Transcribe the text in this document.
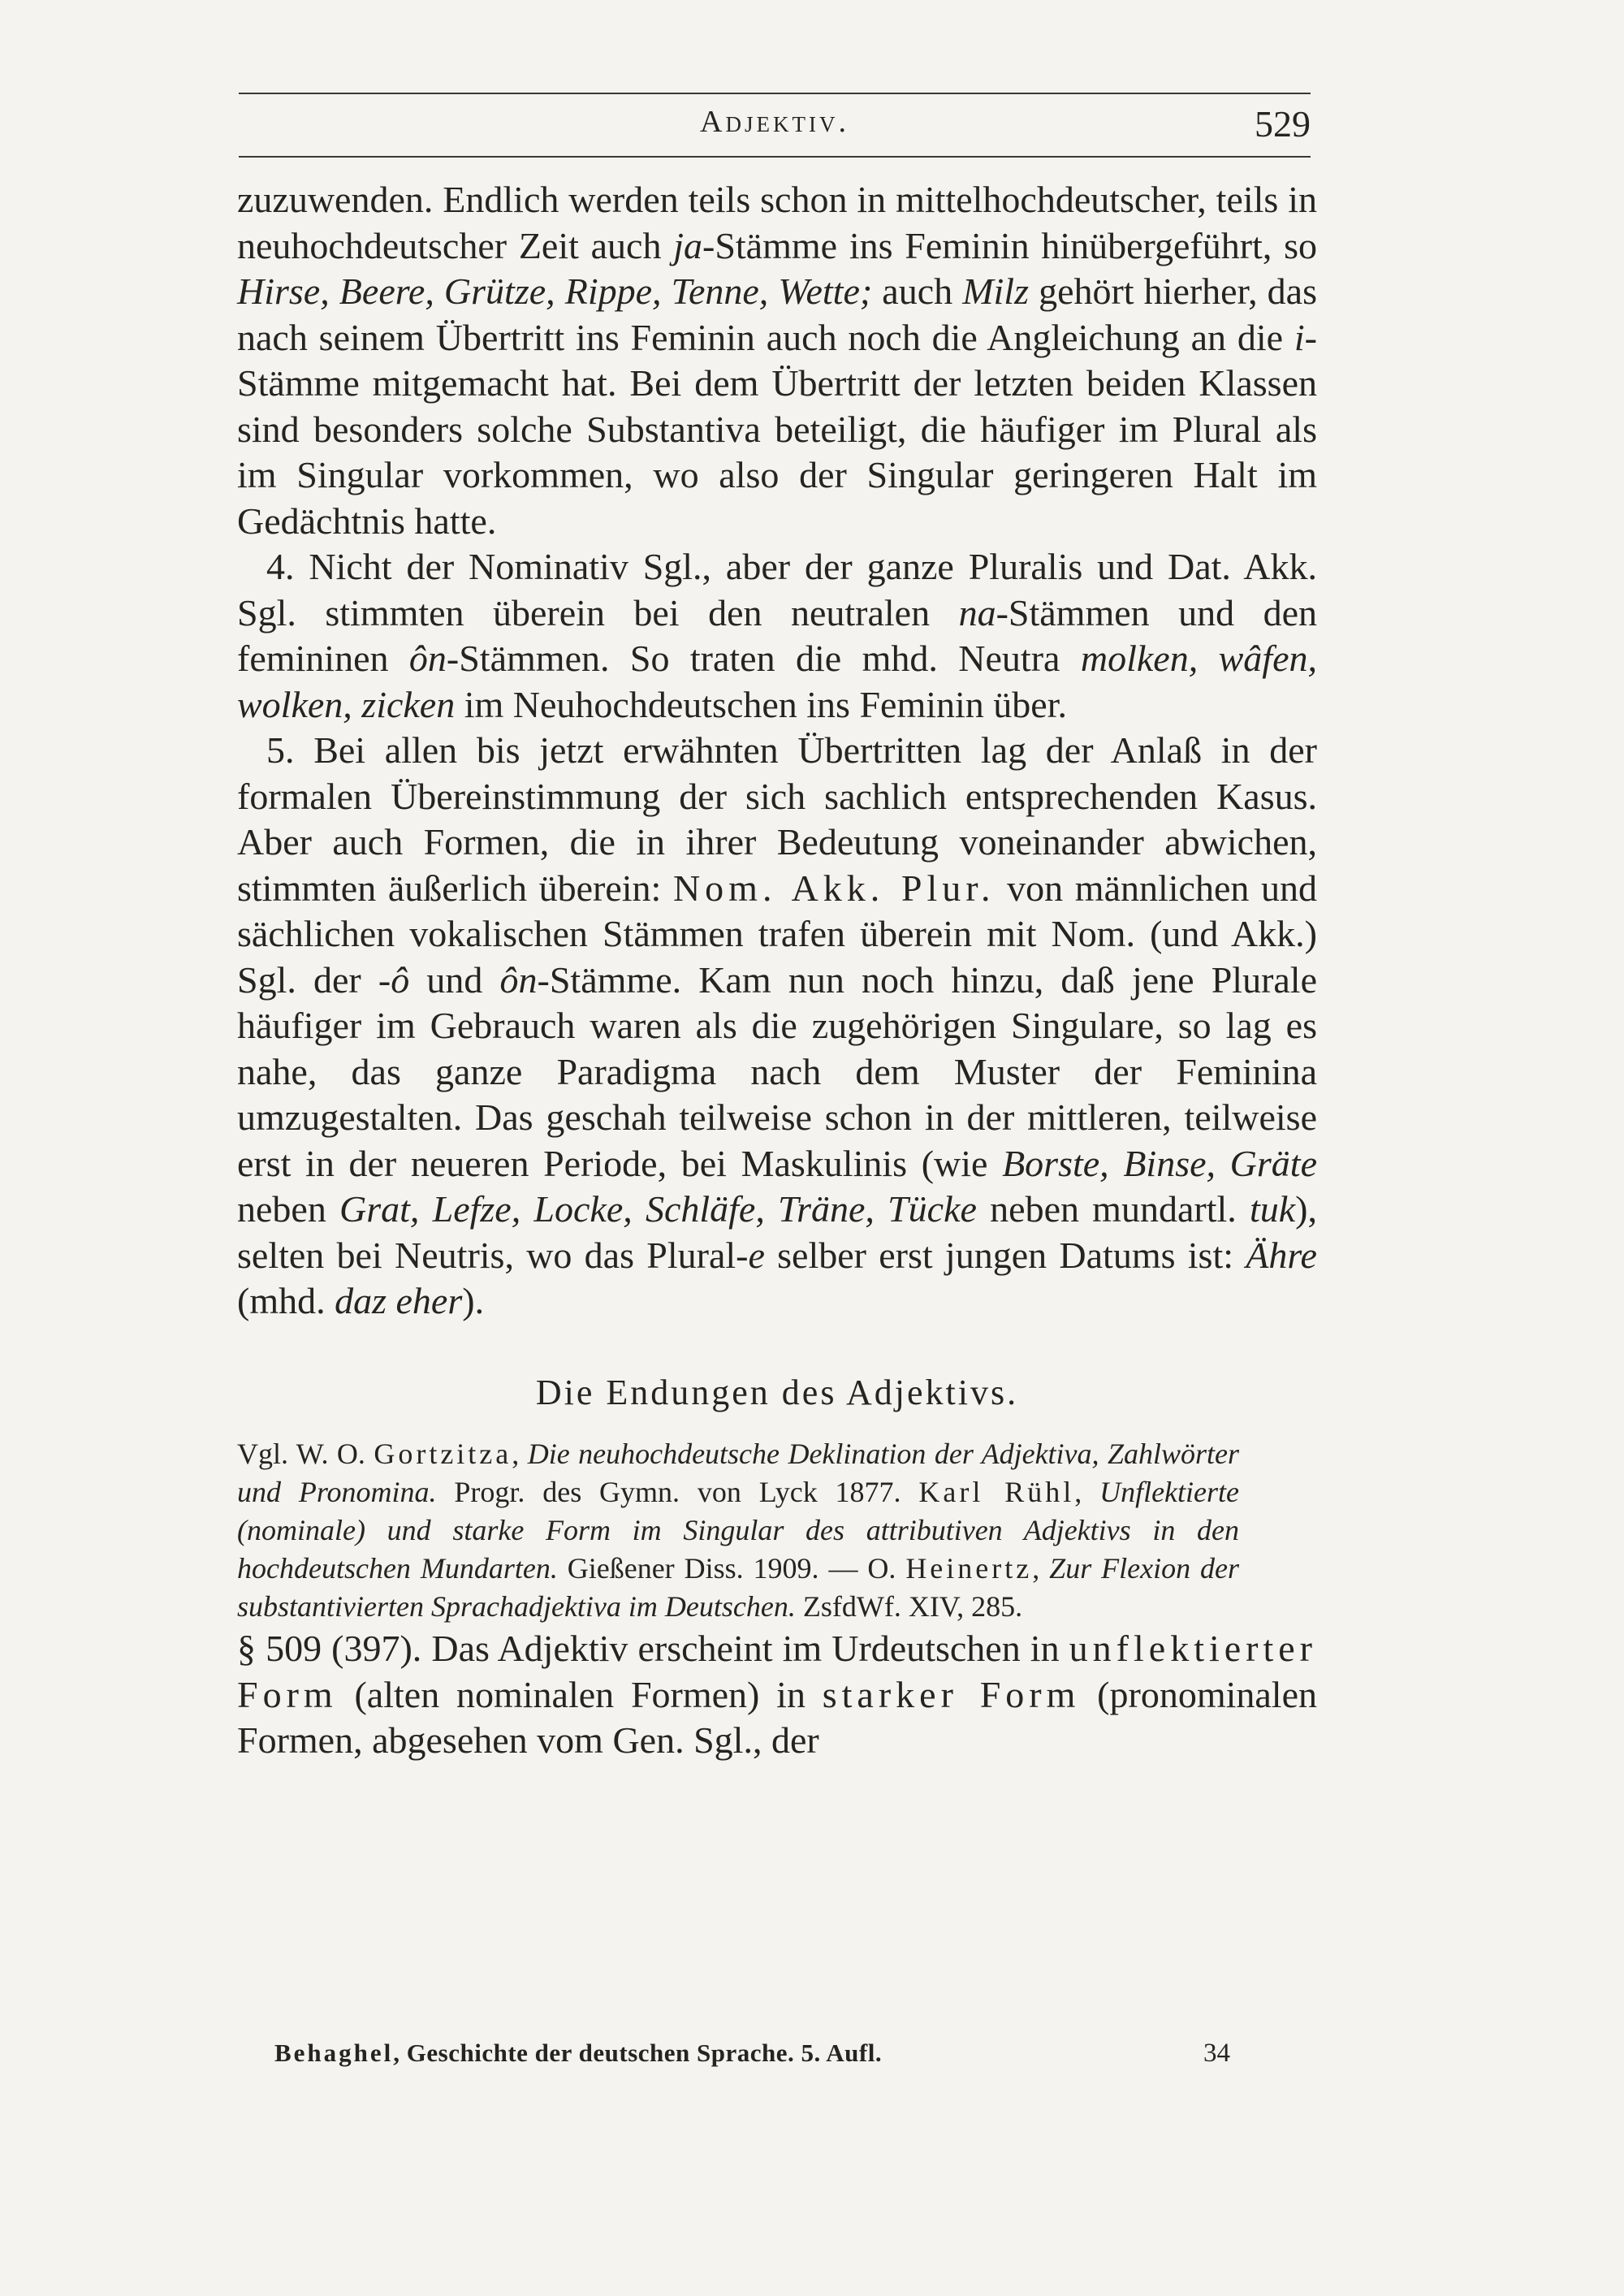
Adjektiv.	529

zuzuwenden. Endlich werden teils schon in mittelhochdeutscher, teils in neuhochdeutscher Zeit auch ja-Stämme ins Feminin hinübergeführt, so Hirse, Beere, Grütze, Rippe, Tenne, Wette; auch Milz gehört hierher, das nach seinem Übertritt ins Feminin auch noch die Angleichung an die i-Stämme mitgemacht hat. Bei dem Übertritt der letzten beiden Klassen sind besonders solche Substantiva beteiligt, die häufiger im Plural als im Singular vorkommen, wo also der Singular geringeren Halt im Gedächtnis hatte.

4. Nicht der Nominativ Sgl., aber der ganze Pluralis und Dat. Akk. Sgl. stimmten überein bei den neutralen na-Stämmen und den femininen ôn-Stämmen. So traten die mhd. Neutra molken, wâfen, wolken, zicken im Neuhochdeutschen ins Feminin über.

5. Bei allen bis jetzt erwähnten Übertritten lag der Anlaß in der formalen Übereinstimmung der sich sachlich entsprechenden Kasus. Aber auch Formen, die in ihrer Bedeutung voneinander abwichen, stimmten äußerlich überein: Nom. Akk. Plur. von männlichen und sächlichen vokalischen Stämmen trafen überein mit Nom. (und Akk.) Sgl. der -ô und ôn-Stämme. Kam nun noch hinzu, daß jene Plurale häufiger im Gebrauch waren als die zugehörigen Singulare, so lag es nahe, das ganze Paradigma nach dem Muster der Feminina umzugestalten. Das geschah teilweise schon in der mittleren, teilweise erst in der neueren Periode, bei Maskulinis (wie Borste, Binse, Gräte neben Grat, Lefze, Locke, Schläfe, Träne, Tücke neben mundartl. tuk), selten bei Neutris, wo das Plural-e selber erst jungen Datums ist: Ähre (mhd. daz eher).

Die Endungen des Adjektivs.

Vgl. W. O. Gortzitza, Die neuhochdeutsche Deklination der Adjektiva, Zahlwörter und Pronomina. Progr. des Gymn. von Lyck 1877. Karl Rühl, Unflektierte (nominale) und starke Form im Singular des attributiven Adjektivs in den hochdeutschen Mundarten. Gießener Diss. 1909. — O. Heinertz, Zur Flexion der substantivierten Sprachadjektiva im Deutschen. ZsfdWf. XIV, 285.

§ 509 (397). Das Adjektiv erscheint im Urdeutschen in unflektierter Form (alten nominalen Formen) in starker Form (pronominalen Formen, abgesehen vom Gen. Sgl., der

Behaghel, Geschichte der deutschen Sprache. 5. Aufl.	34
